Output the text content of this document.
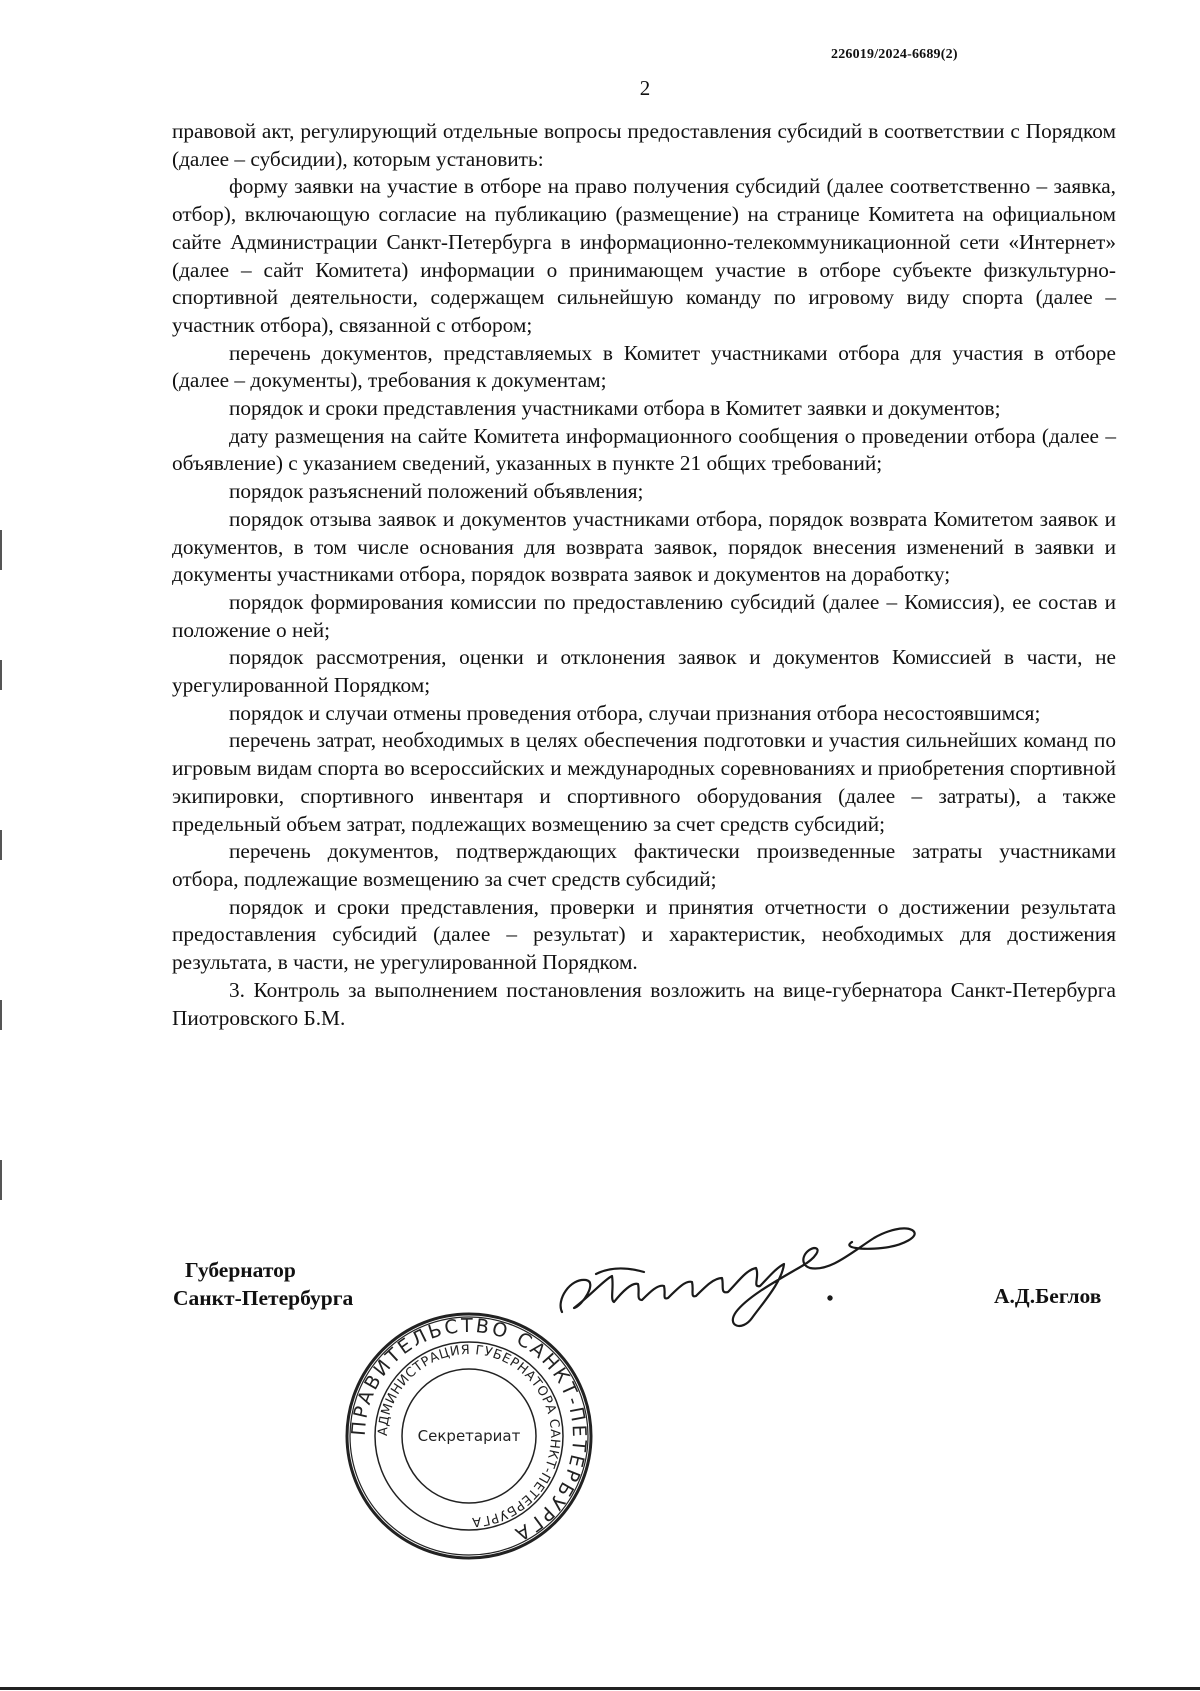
226019/2024-6689(2)
2

правовой акт, регулирующий отдельные вопросы предоставления субсидий в соответствии с Порядком (далее – субсидии), которым установить:

форму заявки на участие в отборе на право получения субсидий (далее соответственно – заявка, отбор), включающую согласие на публикацию (размещение) на странице Комитета на официальном сайте Администрации Санкт-Петербурга в информационно-телекоммуникационной сети «Интернет» (далее – сайт Комитета) информации о принимающем участие в отборе субъекте физкультурно-спортивной деятельности, содержащем сильнейшую команду по игровому виду спорта (далее – участник отбора), связанной с отбором;

перечень документов, представляемых в Комитет участниками отбора для участия в отборе (далее – документы), требования к документам;

порядок и сроки представления участниками отбора в Комитет заявки и документов;

дату размещения на сайте Комитета информационного сообщения о проведении отбора (далее – объявление) с указанием сведений, указанных в пункте 21 общих требований;

порядок разъяснений положений объявления;

порядок отзыва заявок и документов участниками отбора, порядок возврата Комитетом заявок и документов, в том числе основания для возврата заявок, порядок внесения изменений в заявки и документы участниками отбора, порядок возврата заявок и документов на доработку;

порядок формирования комиссии по предоставлению субсидий (далее – Комиссия), ее состав и положение о ней;

порядок рассмотрения, оценки и отклонения заявок и документов Комиссией в части, не урегулированной Порядком;

порядок и случаи отмены проведения отбора, случаи признания отбора несостоявшимся;

перечень затрат, необходимых в целях обеспечения подготовки и участия сильнейших команд по игровым видам спорта во всероссийских и международных соревнованиях и приобретения спортивной экипировки, спортивного инвентаря и спортивного оборудования (далее – затраты), а также предельный объем затрат, подлежащих возмещению за счет средств субсидий;

перечень документов, подтверждающих фактически произведенные затраты участниками отбора, подлежащие возмещению за счет средств субсидий;

порядок и сроки представления, проверки и принятия отчетности о достижении результата предоставления субсидий (далее – результат) и характеристик, необходимых для достижения результата, в части, не урегулированной Порядком.

3. Контроль за выполнением постановления возложить на вице-губернатора Санкт-Петербурга Пиотровского Б.М.

Губернатор
Санкт-Петербурга	А.Д.Беглов
ПРАВИТЕЛЬСТВО САНКТ-ПЕТЕРБУРГА
АДМИНИСТРАЦИЯ ГУБЕРНАТОРА САНКТ-ПЕТЕРБУРГА
Секретариат
